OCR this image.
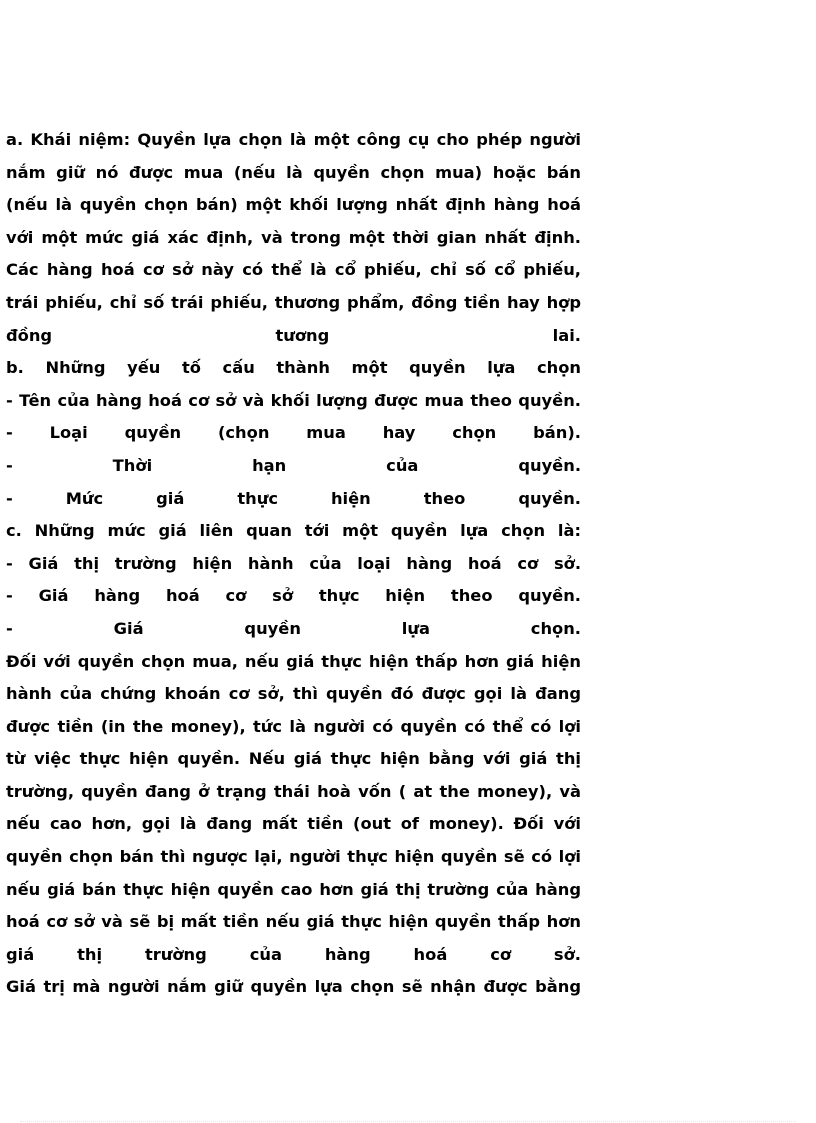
a. Khái niệm: Quyền lựa chọn là một công cụ cho phép người
nắm giữ nó được mua (nếu là quyền chọn mua) hoặc bán
(nếu là quyền chọn bán) một khối lượng nhất định hàng hoá
với một mức giá xác định, và trong một thời gian nhất định.
Các hàng hoá cơ sở này có thể là cổ phiếu, chỉ số cổ phiếu,
trái phiếu, chỉ số trái phiếu, thương phẩm, đồng tiền hay hợp
đồng tương lai.
b. Những yếu tố cấu thành một quyền lựa chọn
- Tên của hàng hoá cơ sở và khối lượng được mua theo quyền.
- Loại quyền (chọn mua hay chọn bán).
- Thời hạn của quyền.
- Mức giá thực hiện theo quyền.
c. Những mức giá liên quan tới một quyền lựa chọn là:
- Giá thị trường hiện hành của loại hàng hoá cơ sở.
- Giá hàng hoá cơ sở thực hiện theo quyền.
- Giá quyền lựa chọn.
Đối với quyền chọn mua, nếu giá thực hiện thấp hơn giá hiện
hành của chứng khoán cơ sở, thì quyền đó được gọi là đang
được tiền (in the money), tức là người có quyền có thể có lợi
từ việc thực hiện quyền. Nếu giá thực hiện bằng với giá thị
trường, quyền đang ở trạng thái hoà vốn ( at the money), và
nếu cao hơn, gọi là đang mất tiền (out of money). Đối với
quyền chọn bán thì ngược lại, người thực hiện quyền sẽ có lợi
nếu giá bán thực hiện quyền cao hơn giá thị trường của hàng
hoá cơ sở và sẽ bị mất tiền nếu giá thực hiện quyền thấp hơn
giá thị trường của hàng hoá cơ sở.
Giá trị mà người nắm giữ quyền lựa chọn sẽ nhận được bằng
